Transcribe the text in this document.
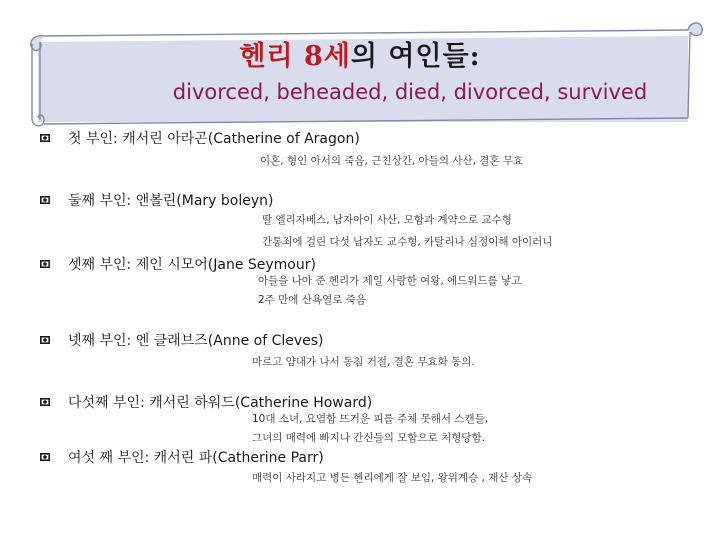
헨리 8세의 여인들:
divorced, beheaded, died, divorced, survived
첫 부인: 캐서린 아라곤(Catherine of Aragon)
이혼, 형인 아서의 죽음, 근친상간, 아들의 사산, 결혼 무효
둘째 부인: 앤볼린(Mary boleyn)
딸 엘리자베스, 남자아이 사산, 모함과 계약으로 교수형
간통죄에 걸린 다섯 남자도 교수형, 카탈리나 심정이해 아이러니
셋째 부인: 제인 시모어(Jane Seymour)
아들을 나아 준 헨리가 제일 사랑한 여왕, 에드워드를 낳고
2주 만에 산욕열로 죽음
넷째 부인: 엔 클래브즈(Anne of Cleves)
마르고 얌내가 나서 동침 거절, 결혼 무효화 동의.
다섯째 부인: 캐서린 하워드(Catherine Howard)
10대 소녀, 요염함 뜨거운 피를 주체 못해서 스캔들,
그녀의 매력에 빠지나 간신들의 모함으로 처형당함.
여섯 째 부인: 캐서린 파(Catherine Parr)
매력이 사라지고 병든 헨리에게 잘 보임, 왕위계승 , 재산 상속
